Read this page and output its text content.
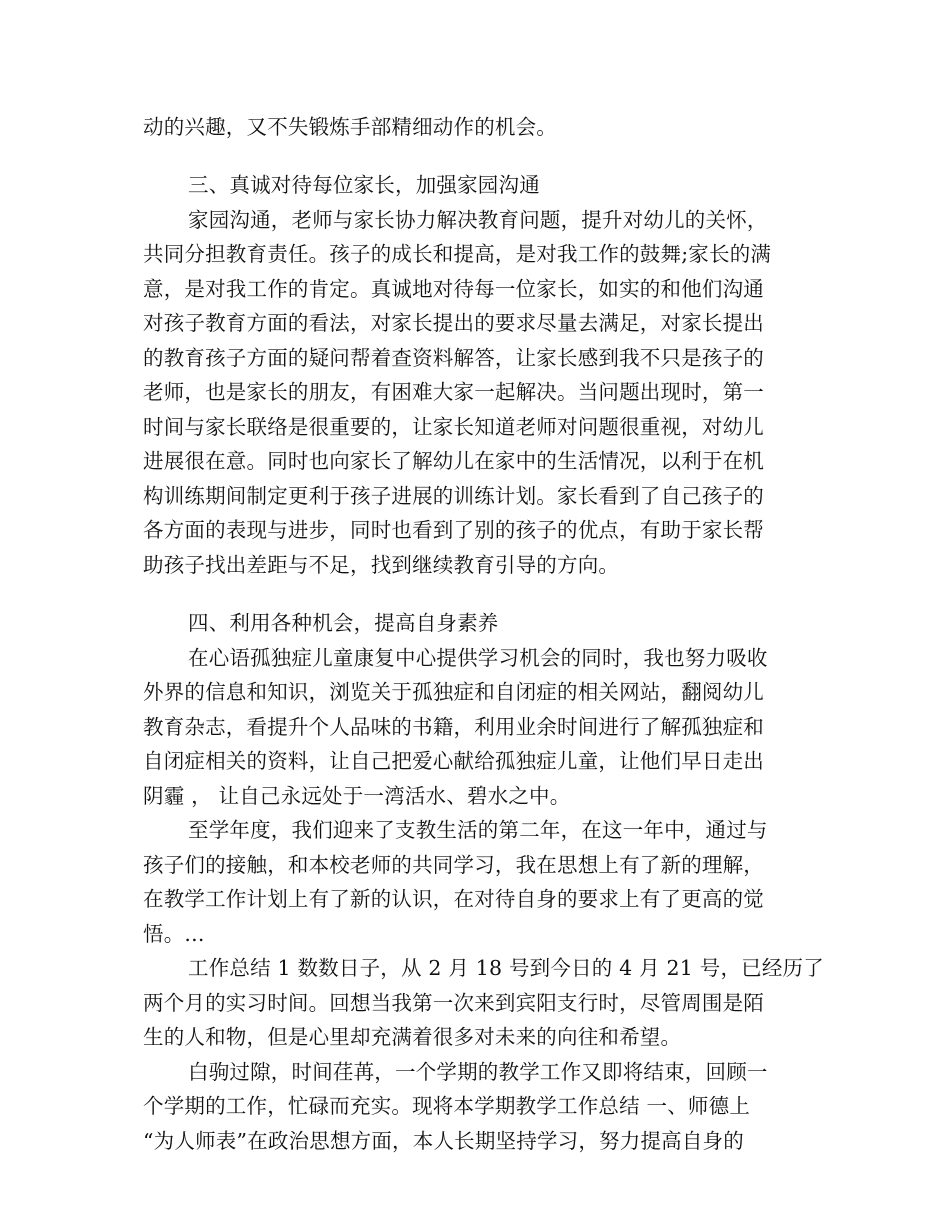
动的兴趣，又不失锻炼手部精细动作的机会。
三、真诚对待每位家长，加强家园沟通
家园沟通，老师与家长协力解决教育问题，提升对幼儿的关怀，
共同分担教育责任。孩子的成长和提高，是对我工作的鼓舞;家长的满
意，是对我工作的肯定。真诚地对待每一位家长，如实的和他们沟通
对孩子教育方面的看法，对家长提出的要求尽量去满足，对家长提出
的教育孩子方面的疑问帮着查资料解答，让家长感到我不只是孩子的
老师，也是家长的朋友，有困难大家一起解决。当问题出现时，第一
时间与家长联络是很重要的，让家长知道老师对问题很重视，对幼儿
进展很在意。同时也向家长了解幼儿在家中的生活情况，以利于在机
构训练期间制定更利于孩子进展的训练计划。家长看到了自己孩子的
各方面的表现与进步，同时也看到了别的孩子的优点，有助于家长帮
助孩子找出差距与不足，找到继续教育引导的方向。
四、利用各种机会，提高自身素养
在心语孤独症儿童康复中心提供学习机会的同时，我也努力吸收
外界的信息和知识，浏览关于孤独症和自闭症的相关网站，翻阅幼儿
教育杂志，看提升个人品味的书籍，利用业余时间进行了解孤独症和
自闭症相关的资料，让自己把爱心献给孤独症儿童，让他们早日走出
阴霾 ， 让自己永远处于一湾活水、碧水之中。
至学年度，我们迎来了支教生活的第二年，在这一年中，通过与
孩子们的接触，和本校老师的共同学习，我在思想上有了新的理解，
在教学工作计划上有了新的认识，在对待自身的要求上有了更高的觉
悟。...
工作总结 1 数数日子，从 2 月 18 号到今日的 4 月 21 号，已经历了
两个月的实习时间。回想当我第一次来到宾阳支行时，尽管周围是陌
生的人和物，但是心里却充满着很多对未来的向往和希望。
白驹过隙，时间荏苒，一个学期的教学工作又即将结束，回顾一
个学期的工作，忙碌而充实。现将本学期教学工作总结 一、师德上
“为人师表”在政治思想方面，本人长期坚持学习，努力提高自身的
